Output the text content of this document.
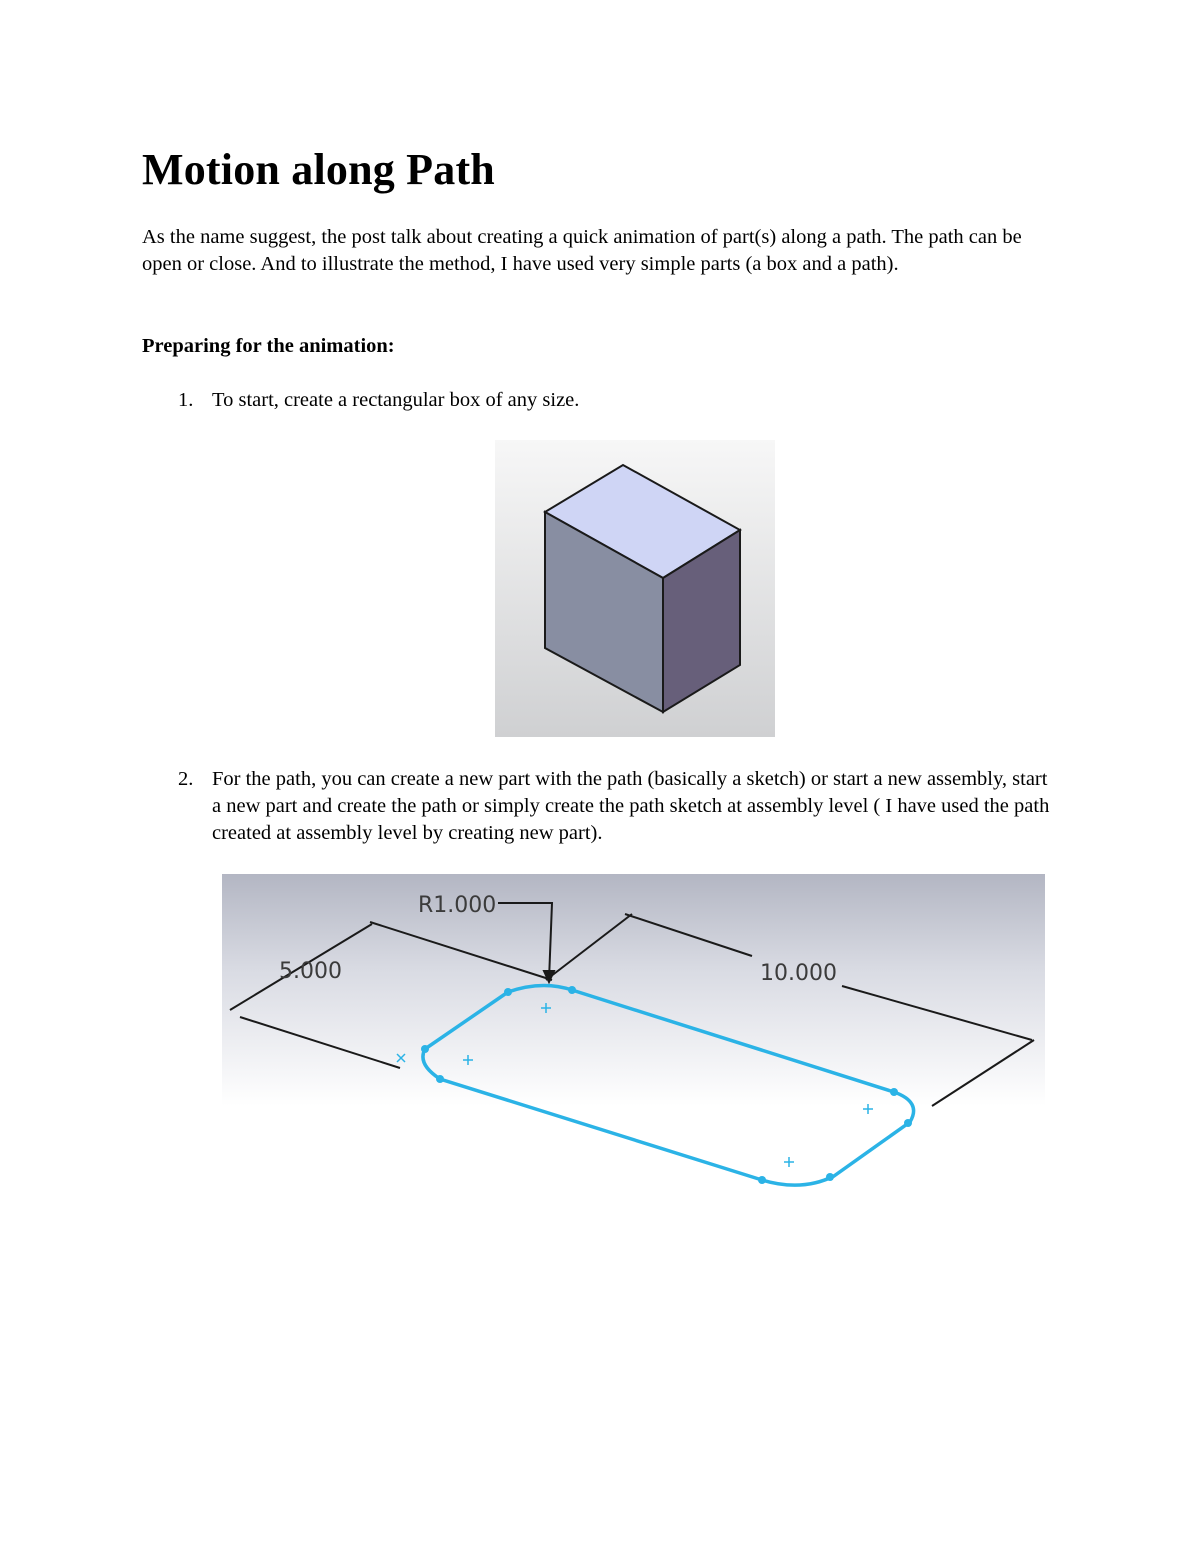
Motion along Path

As the name suggest, the post talk about creating a quick animation of part(s) along a path. The path can be open or close. And to illustrate the method, I have used very simple parts (a box and a path).

Preparing for the animation:

1. To start, create a rectangular box of any size.
2. For the path, you can create a new part with the path (basically a sketch) or start a new assembly, start a new part and create the path or simply create the path sketch at assembly level ( I have used the path created at assembly level by creating new part).
R1.000
5.000	10.000
